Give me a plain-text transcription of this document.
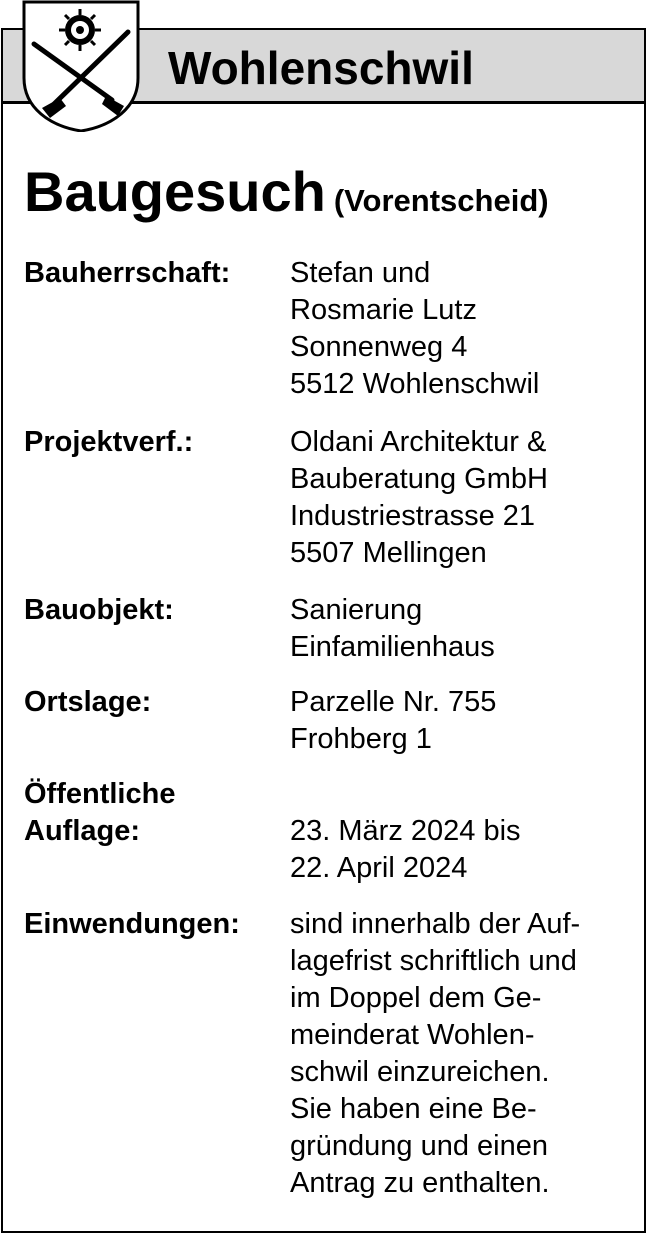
Wohlenschwil
Baugesuch (Vorentscheid)
Bauherrschaft: Stefan und
Rosmarie Lutz
Sonnenweg 4
5512 Wohlenschwil
Projektverf.:	Oldani Architektur &
Bauberatung GmbH
Industriestrasse 21
5507 Mellingen
Bauobjekt:	Sanierung
Einfamilienhaus
Ortslage:	Parzelle Nr. 755
Frohberg 1
Öffentliche
Auflage:	23. März 2024 bis
22. April 2024
Einwendungen: sind innerhalb der Auf-
lagefrist schriftlich und
im Doppel dem Ge-
meinderat Wohlen-
schwil einzureichen.
Sie haben eine Be-
gründung und einen
Antrag zu enthalten.
